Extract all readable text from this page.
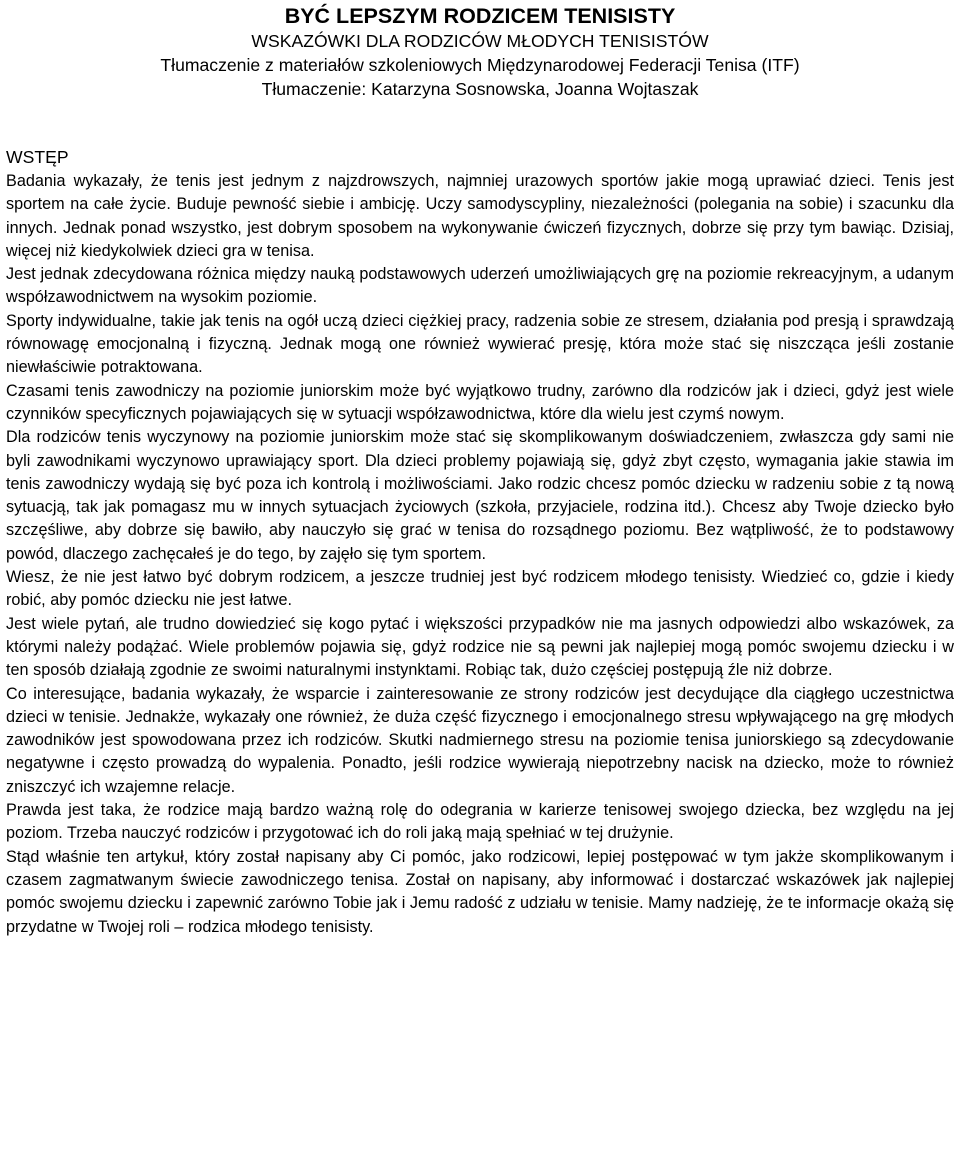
BYĆ LEPSZYM RODZICEM TENISISTY
WSKAZÓWKI DLA RODZICÓW MŁODYCH TENISISTÓW
Tłumaczenie z materiałów szkoleniowych Międzynarodowej Federacji Tenisa (ITF)
Tłumaczenie: Katarzyna Sosnowska, Joanna Wojtaszak
WSTĘP

Badania wykazały, że tenis jest jednym z najzdrowszych, najmniej urazowych sportów jakie mogą uprawiać dzieci. Tenis jest sportem na całe życie. Buduje pewność siebie i ambicję. Uczy samodyscypliny, niezależności (polegania na sobie) i szacunku dla innych. Jednak ponad wszystko, jest dobrym sposobem na wykonywanie ćwiczeń fizycznych, dobrze się przy tym bawiąc. Dzisiaj, więcej niż kiedykolwiek dzieci gra w tenisa.

Jest jednak zdecydowana różnica między nauką podstawowych uderzeń umożliwiających grę na poziomie rekreacyjnym, a udanym współzawodnictwem na wysokim poziomie.

Sporty indywidualne, takie jak tenis na ogół uczą dzieci ciężkiej pracy, radzenia sobie ze stresem, działania pod presją i sprawdzają równowagę emocjonalną i fizyczną. Jednak mogą one również wywierać presję, która może stać się niszcząca jeśli zostanie niewłaściwie potraktowana.

Czasami tenis zawodniczy na poziomie juniorskim może być wyjątkowo trudny, zarówno dla rodziców jak i dzieci, gdyż jest wiele czynników specyficznych pojawiających się w sytuacji współzawodnictwa, które dla wielu jest czymś nowym.

Dla rodziców tenis wyczynowy na poziomie juniorskim może stać się skomplikowanym doświadczeniem, zwłaszcza gdy sami nie byli zawodnikami wyczynowo uprawiający sport. Dla dzieci problemy pojawiają się, gdyż zbyt często, wymagania jakie stawia im tenis zawodniczy wydają się być poza ich kontrolą i możliwościami. Jako rodzic chcesz pomóc dziecku w radzeniu sobie z tą nową sytuacją, tak jak pomagasz mu w innych sytuacjach życiowych (szkoła, przyjaciele, rodzina itd.). Chcesz aby Twoje dziecko było szczęśliwe, aby dobrze się bawiło, aby nauczyło się grać w tenisa do rozsądnego poziomu. Bez wątpliwość, że to podstawowy powód, dlaczego zachęcałeś je do tego, by zajęło się tym sportem.

Wiesz, że nie jest łatwo być dobrym rodzicem, a jeszcze trudniej jest być rodzicem młodego tenisisty. Wiedzieć co, gdzie i kiedy robić, aby pomóc dziecku nie jest łatwe.

Jest wiele pytań, ale trudno dowiedzieć się kogo pytać i większości przypadków nie ma jasnych odpowiedzi albo wskazówek, za którymi należy podążać. Wiele problemów pojawia się, gdyż rodzice nie są pewni jak najlepiej mogą pomóc swojemu dziecku i w ten sposób działają zgodnie ze swoimi naturalnymi instynktami. Robiąc tak, dużo częściej postępują źle niż dobrze.

Co interesujące, badania wykazały, że wsparcie i zainteresowanie ze strony rodziców jest decydujące dla ciągłego uczestnictwa dzieci w tenisie. Jednakże, wykazały one również, że duża część fizycznego i emocjonalnego stresu wpływającego na grę młodych zawodników jest spowodowana przez ich rodziców. Skutki nadmiernego stresu na poziomie tenisa juniorskiego są zdecydowanie negatywne i często prowadzą do wypalenia. Ponadto, jeśli rodzice wywierają niepotrzebny nacisk na dziecko, może to również zniszczyć ich wzajemne relacje.

Prawda jest taka, że rodzice mają bardzo ważną rolę do odegrania w karierze tenisowej swojego dziecka, bez względu na jej poziom. Trzeba nauczyć rodziców i przygotować ich do roli jaką mają spełniać w tej drużynie.

Stąd właśnie ten artykuł, który został napisany aby Ci pomóc, jako rodzicowi, lepiej postępować w tym jakże skomplikowanym i czasem zagmatwanym świecie zawodniczego tenisa. Został on napisany, aby informować i dostarczać wskazówek jak najlepiej pomóc swojemu dziecku i zapewnić zarówno Tobie jak i Jemu radość z udziału w tenisie. Mamy nadzieję, że te informacje okażą się przydatne w Twojej roli – rodzica młodego tenisisty.
